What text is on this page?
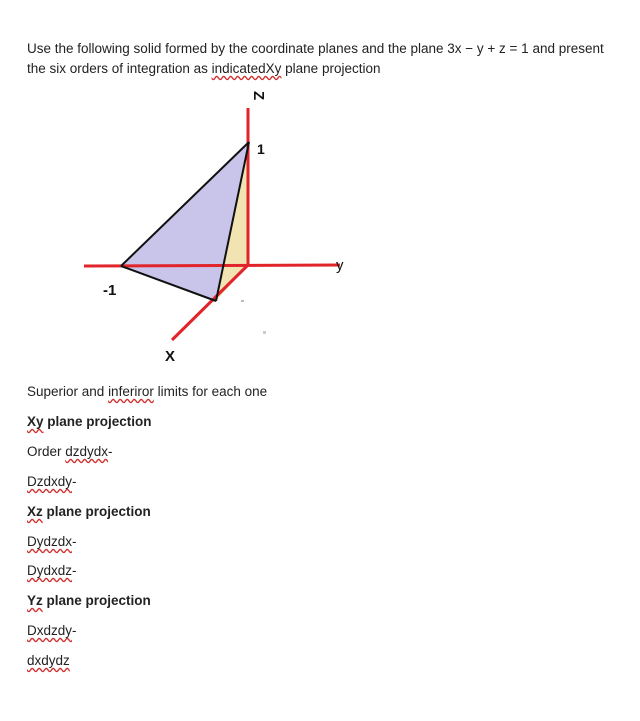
Use the following solid formed by the coordinate planes and the plane 3x − y + z = 1 and present
the six orders of integration as indicatedXy plane projection
Z
1
y
-1
X
Superior and inferiror limits for each one
Xy plane projection
Order dzdydx-
Dzdxdy-
Xz plane projection
Dydzdx-
Dydxdz-
Yz plane projection
Dxdzdy-
dxdydz
